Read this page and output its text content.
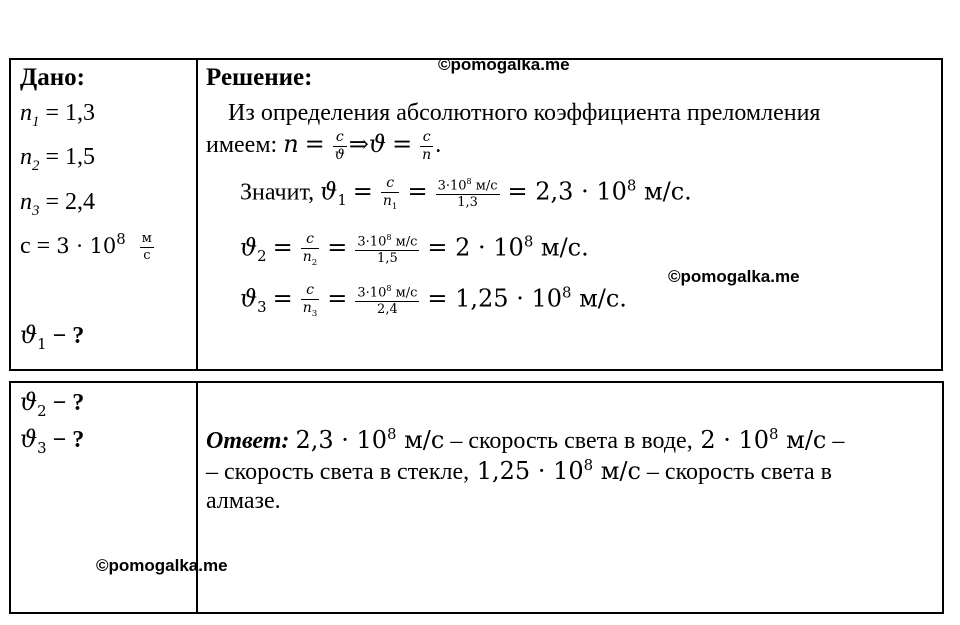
©pomogalka.me
©pomogalka.me
©pomogalka.me
Дано:
$n_1 = 1,3$
$n_2 = 1,5$
$n_3 = 2,4$
$с = 3 \cdot 10^8 \frac{м}{с}$
$ϑ_1$ − ?
$ϑ_2$ − ?
$ϑ_3$ − ?
Решение:
Из определения абсолютного коэффициента преломления
имеем: $n = \frac{c}{ϑ}$ ⇒ϑ = $\frac{c}{n}$ .
Значит, $ϑ_1 = \frac{c}{n_1} = \frac{3\cdot 10^8 м/с}{1,3} = 2,3 \cdot 10^8$ м/с.
$ϑ_2 = \frac{c}{n_2} = \frac{3\cdot 10^8 м/с}{1,5} = 2 \cdot 10^8$ м/с.
$ϑ_3 = \frac{c}{n_3} = \frac{3\cdot 10^8 м/с}{2,4} = 1,25 \cdot 10^8$ м/с.
Ответ: $2,3 \cdot 10^8$ м/с – скорость света в воде, $2 \cdot 10^8$ м/с –
– скорость света в стекле, $1,25 \cdot 10^8$ м/с – скорость света в
алмазе.
